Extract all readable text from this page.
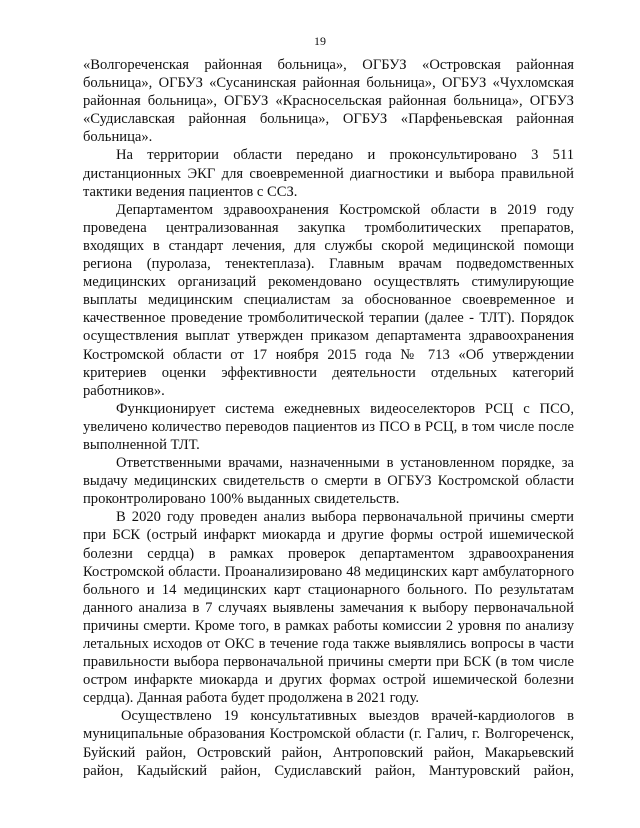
19

«Волгореченская районная больница», ОГБУЗ «Островская районная больница», ОГБУЗ «Сусанинская районная больница», ОГБУЗ «Чухломская районная больница», ОГБУЗ «Красносельская районная больница», ОГБУЗ «Судиславская районная больница», ОГБУЗ «Парфеньевская районная больница».

На территории области передано и проконсультировано 3 511 дистанционных ЭКГ для своевременной диагностики и выбора правильной тактики ведения пациентов с ССЗ.

Департаментом здравоохранения Костромской области в 2019 году проведена централизованная закупка тромболитических препаратов, входящих в стандарт лечения, для службы скорой медицинской помощи региона (пуролаза, тенектеплаза). Главным врачам подведомственных медицинских организаций рекомендовано осуществлять стимулирующие выплаты медицинским специалистам за обоснованное своевременное и качественное проведение тромболитической терапии (далее - ТЛТ). Порядок осуществления выплат утвержден приказом департамента здравоохранения Костромской области от 17 ноября 2015 года № 713 «Об утверждении критериев оценки эффективности деятельности отдельных категорий работников».

Функционирует система ежедневных видеоселекторов РСЦ с ПСО, увеличено количество переводов пациентов из ПСО в РСЦ, в том числе после выполненной ТЛТ.

Ответственными врачами, назначенными в установленном порядке, за выдачу медицинских свидетельств о смерти в ОГБУЗ Костромской области проконтролировано 100% выданных свидетельств.

В 2020 году проведен анализ выбора первоначальной причины смерти при БСК (острый инфаркт миокарда и другие формы острой ишемической болезни сердца) в рамках проверок департаментом здравоохранения Костромской области. Проанализировано 48 медицинских карт амбулаторного больного и 14 медицинских карт стационарного больного. По результатам данного анализа в 7 случаях выявлены замечания к выбору первоначальной причины смерти. Кроме того, в рамках работы комиссии 2 уровня по анализу летальных исходов от ОКС в течение года также выявлялись вопросы в части правильности выбора первоначальной причины смерти при БСК (в том числе остром инфаркте миокарда и других формах острой ишемической болезни сердца). Данная работа будет продолжена в 2021 году.

Осуществлено 19 консультативных выездов врачей-кардиологов в муниципальные образования Костромской области (г. Галич, г. Волгореченск, Буйский район, Островский район, Антроповский район, Макарьевский район, Кадыйский район, Судиславский район, Мантуровский район,
